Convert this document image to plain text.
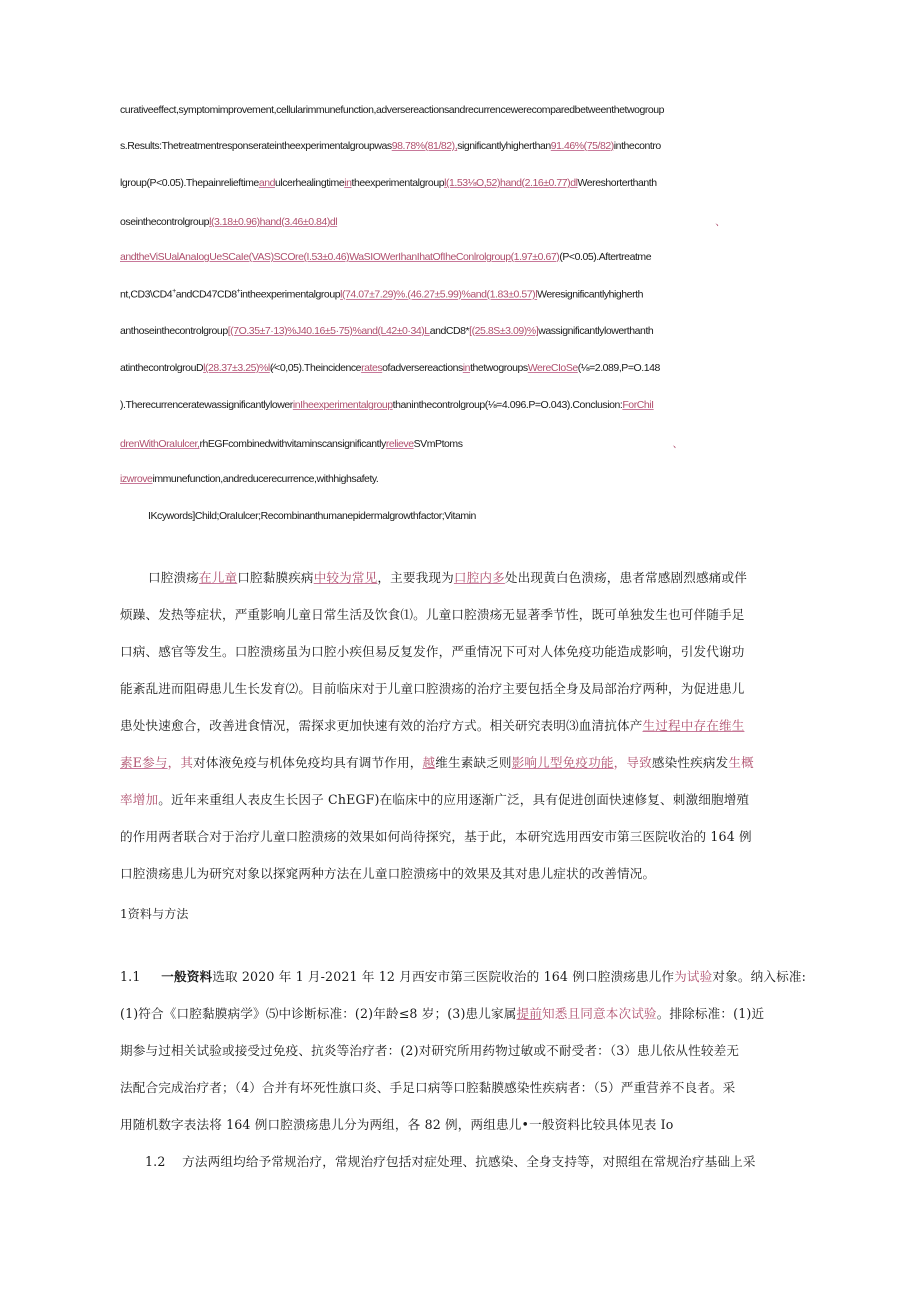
curativeeffect,symptomimprovement,cellularimmunefunction,adversereactionsandrecurrencewerecomparedbetweenthetwogroup
s.Results:Thetreatmentresponserateintheexperimentalgroupwas98.78%(81/82),significantlyhigherthan91.46%(75/82)inthecontro
lgroup(P<0.05).Thepainrelieftimeandulcerhealingtimeintheexperimentalgroupl(1.53⅛O,52)hand(2.16±0.77)dlWereshorterthanth
oseinthecontrolgroupl(3.18±0.96)hand(3.46±0.84)dl	、
andtheViSUalAnaIogUeSCaIe(VAS)SCOre(I.53±0.46)WaSIOWerIhanIhatOfIheConlrolgroup(1.97±0.67)(P<0.05).Aftertreatme
nt,CD3\CD4+andCD47CD8+intheexperimentalgroupl(74.07±7.29)%.(46.27±5.99)%and(1.83±0.57)lWeresignificantlyhigherth
anthoseinthecontrolgroup[(7O.35±7·13)%J40.16±5·75)%and(L42±0·34)LandCD8*[(25.8S±3.09)%]wassignificantlylowerthanth
atinthecontrolgrouDl(28.37±3.25)%l(∕<0,05).TheincidenceratesofadversereactionsinthetwogroupsWereCIoSe(⅛=2.089,P=O.148
).TherecurrenceratewassignificantlylowerinIheexperimentalgroupthaninthecontrolgroup(⅛=4.096.P=O.043).Conclusion:ForChiI
drenWithOraIulcer,rhEGFcombinedwithvitaminscansignificantlyrelieveSVmPtoms	、
izwroveimmunefunction,andreducerecurrence,withhighsafety.
IKcywords]Child;OraIulcer;Recombinanthumanepidermalgrowthfactor;Vitamin
口腔溃疡在儿童口腔黏膜疾病中较为常见，主要我现为口腔内多处出现黄白色溃疡，患者常感剧烈感痛或伴
烦躁、发热等症状，严重影响儿童日常生活及饮食⑴。儿童口腔溃疡无显著季节性，既可单独发生也可伴随手足
口病、感官等发生。口腔溃疡虽为口腔小疾但易反复发作，严重情况下可对人体免疫功能造成影响，引发代谢功
能紊乱进而阻碍患儿生长发育⑵。目前临床对于儿童口腔溃疡的治疗主要包括全身及局部治疗两种，为促进患儿
患处快速愈合，改善进食情况，需探求更加快速有效的治疗方式。相关研究表明⑶血清抗体产生过程中存在维生
素E参与，其对体液免疫与机体免疫均具有调节作用，越维生素缺乏则影响儿型免疫功能，导致感染性疾病发生概
率增加。近年来重组人表皮生长因子 ChEGF)在临床中的应用逐渐广泛，具有促进创面快速修复、刺激细胞增殖
的作用两者联合对于治疗儿童口腔溃疡的效果如何尚待探究，基于此，本研究选用西安市第三医院收治的 164 例
口腔溃疡患儿为研究对象以探窕两种方法在儿童口腔溃疡中的效果及其对患儿症状的改善情况。
1资料与方法
1.1 一般资料选取 2020 年 1 月-2021 年 12 月西安市第三医院收治的 164 例口腔溃疡患儿作为试验对象。纳入标准:
(1)符合《口腔黏膜病学》⑸中诊断标准：(2)年龄≤8 岁；(3)患儿家属提前知悉且同意本次试验。排除标准：(1)近
期参与过相关试验或接受过免疫、抗炎等治疗者：(2)对研究所用药物过敏或不耐受者：（3）患儿依从性较差无
法配合完成治疗者；（4）合并有坏死性旗口炎、手足口病等口腔黏膜感染性疾病者：（5）严重营养不良者。采
用随机数字表法将 164 例口腔溃疡患儿分为两组，各 82 例，两组患儿•一般资料比较具体见表 Io
1.2 方法两组均给予常规治疗，常规治疗包括对症处理、抗感染、全身支持等，对照组在常规治疗基础上采
